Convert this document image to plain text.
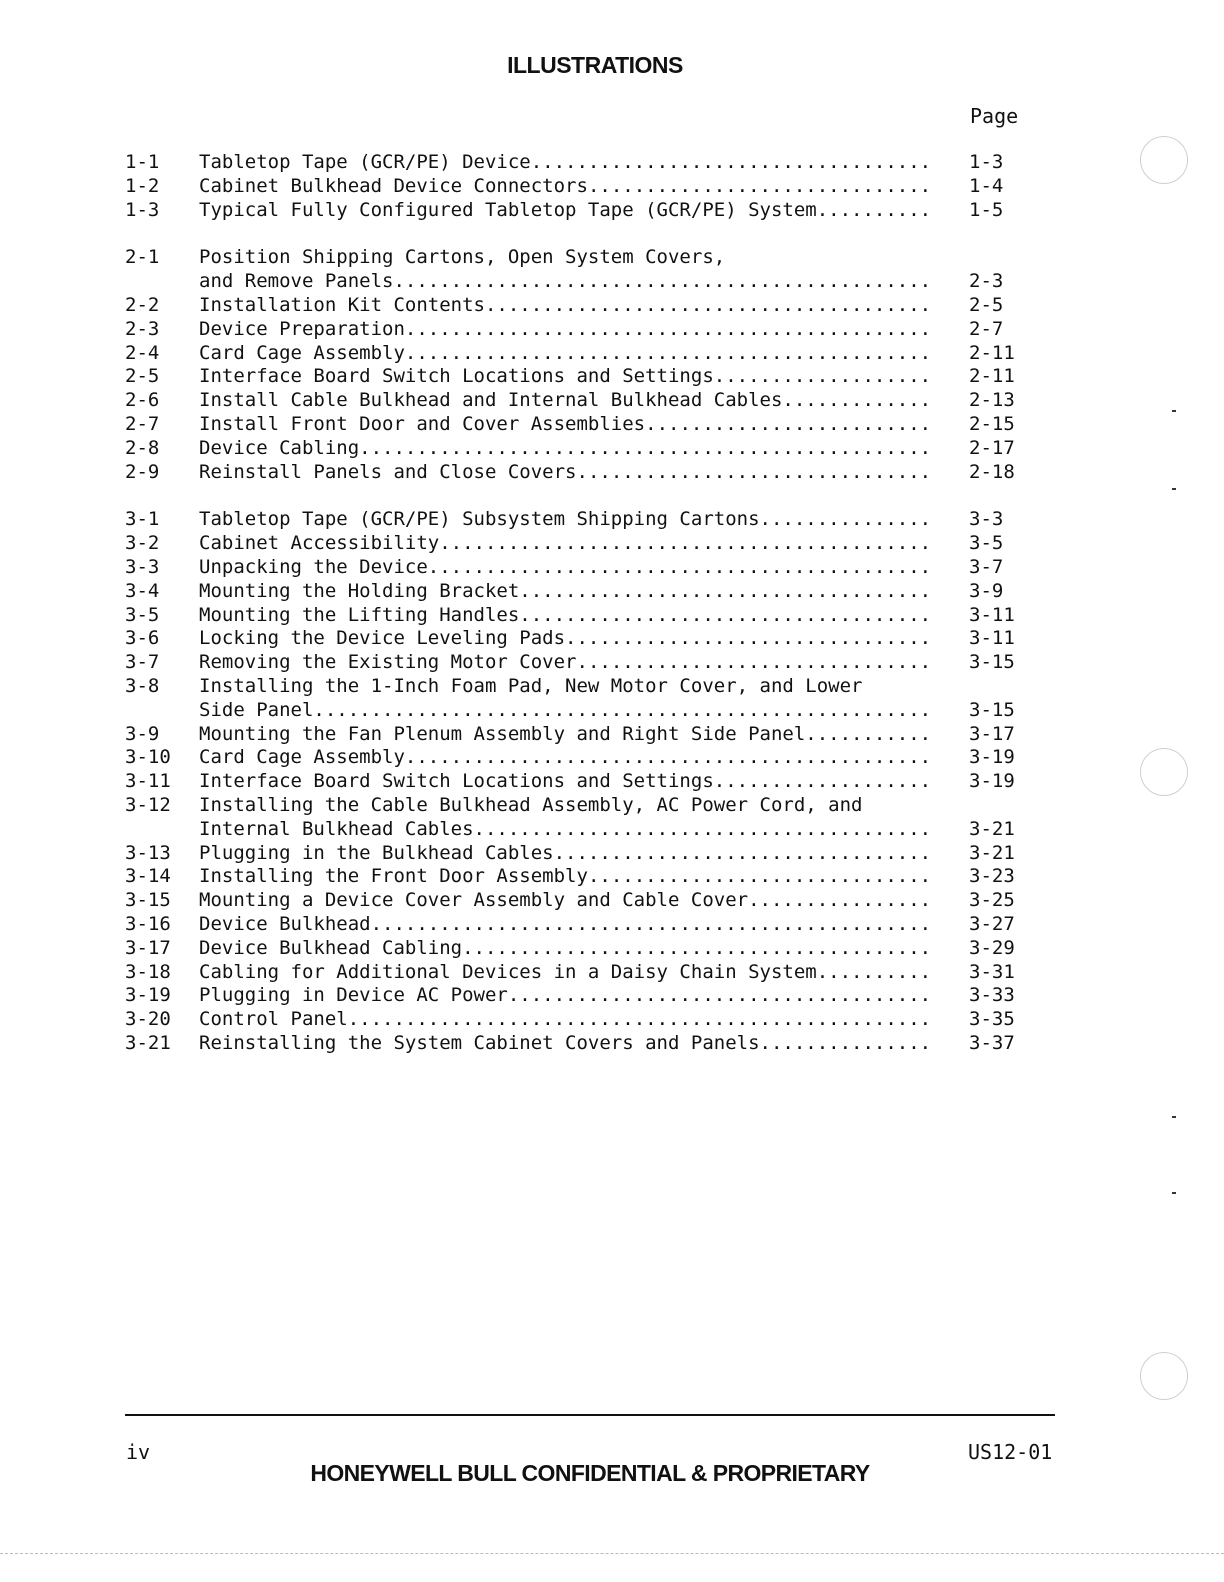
ILLUSTRATIONS
Page
1-1	Tabletop Tape (GCR/PE) Device .....	1-3
1-2	Cabinet Bulkhead Device Connectors .....	1-4
1-3	Typical Fully Configured Tabletop Tape (GCR/PE) System .....	1-5
2-1	Position Shipping Cartons, Open System Covers,
and Remove Panels .....	2-3
2-2	Installation Kit Contents .....	2-5
2-3	Device Preparation .....	2-7
2-4	Card Cage Assembly .....	2-11
2-5	Interface Board Switch Locations and Settings .....	2-11
2-6	Install Cable Bulkhead and Internal Bulkhead Cables .....	2-13
2-7	Install Front Door and Cover Assemblies .....	2-15
2-8	Device Cabling .....	2-17
2-9	Reinstall Panels and Close Covers .....	2-18
3-1	Tabletop Tape (GCR/PE) Subsystem Shipping Cartons .....	3-3
3-2	Cabinet Accessibility .....	3-5
3-3	Unpacking the Device .....	3-7
3-4	Mounting the Holding Bracket .....	3-9
3-5	Mounting the Lifting Handles .....	3-11
3-6	Locking the Device Leveling Pads .....	3-11
3-7	Removing the Existing Motor Cover .....	3-15
3-8	Installing the 1-Inch Foam Pad, New Motor Cover, and Lower
Side Panel .....	3-15
3-9	Mounting the Fan Plenum Assembly and Right Side Panel .....	3-17
3-10	Card Cage Assembly .....	3-19
3-11	Interface Board Switch Locations and Settings .....	3-19
3-12	Installing the Cable Bulkhead Assembly, AC Power Cord, and
Internal Bulkhead Cables .....	3-21
3-13	Plugging in the Bulkhead Cables .....	3-21
3-14	Installing the Front Door Assembly .....	3-23
3-15	Mounting a Device Cover Assembly and Cable Cover .....	3-25
3-16	Device Bulkhead .....	3-27
3-17	Device Bulkhead Cabling .....	3-29
3-18	Cabling for Additional Devices in a Daisy Chain System .....	3-31
3-19	Plugging in Device AC Power .....	3-33
3-20	Control Panel .....	3-35
3-21	Reinstalling the System Cabinet Covers and Panels .....	3-37
iv	US12-01
HONEYWELL BULL CONFIDENTIAL & PROPRIETARY
